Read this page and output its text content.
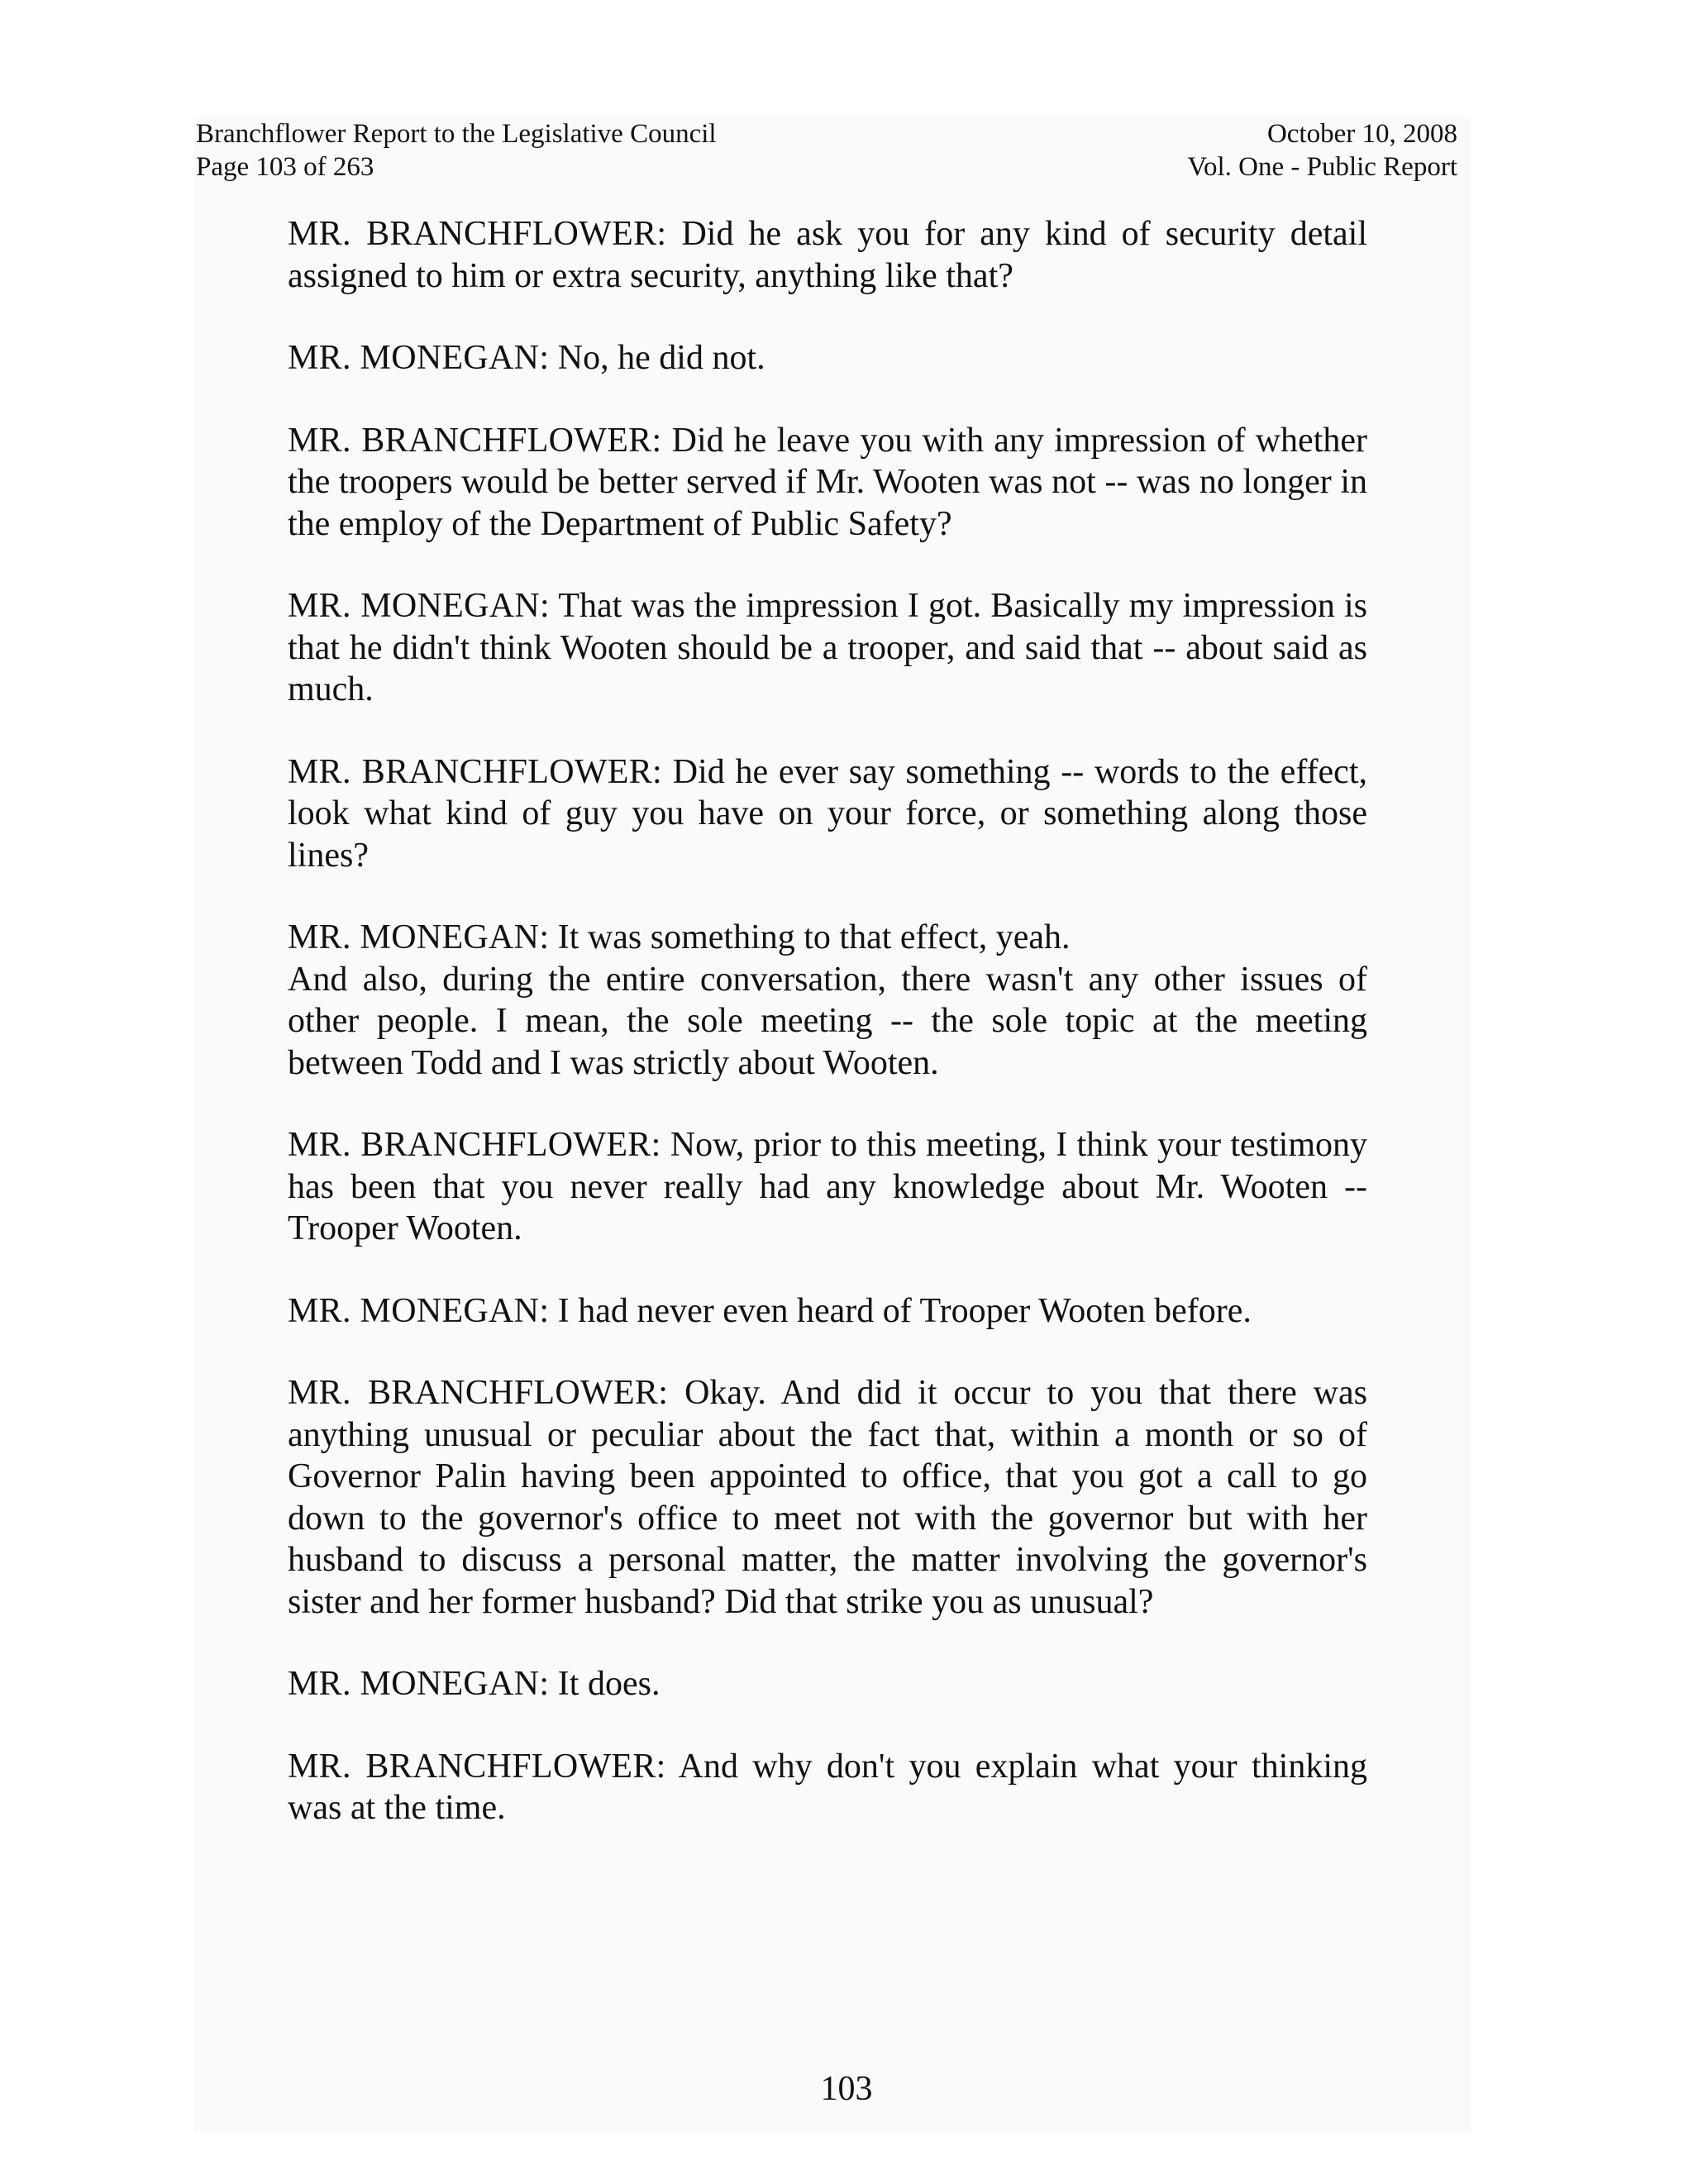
Branchflower Report to the Legislative Council
Page 103 of 263
October 10, 2008
Vol. One - Public Report

MR. BRANCHFLOWER: Did he ask you for any kind of security detail assigned to him or extra security, anything like that?

MR. MONEGAN: No, he did not.

MR. BRANCHFLOWER: Did he leave you with any impression of whether the troopers would be better served if Mr. Wooten was not -- was no longer in the employ of the Department of Public Safety?

MR. MONEGAN: That was the impression I got. Basically my impression is that he didn't think Wooten should be a trooper, and said that -- about said as much.

MR. BRANCHFLOWER: Did he ever say something -- words to the effect, look what kind of guy you have on your force, or something along those lines?

MR. MONEGAN: It was something to that effect, yeah.
And also, during the entire conversation, there wasn't any other issues of other people. I mean, the sole meeting -- the sole topic at the meeting between Todd and I was strictly about Wooten.

MR. BRANCHFLOWER: Now, prior to this meeting, I think your testimony has been that you never really had any knowledge about Mr. Wooten -- Trooper Wooten.

MR. MONEGAN: I had never even heard of Trooper Wooten before.

MR. BRANCHFLOWER: Okay. And did it occur to you that there was anything unusual or peculiar about the fact that, within a month or so of Governor Palin having been appointed to office, that you got a call to go down to the governor's office to meet not with the governor but with her husband to discuss a personal matter, the matter involving the governor's sister and her former husband? Did that strike you as unusual?

MR. MONEGAN: It does.

MR. BRANCHFLOWER: And why don't you explain what your thinking was at the time.

103
